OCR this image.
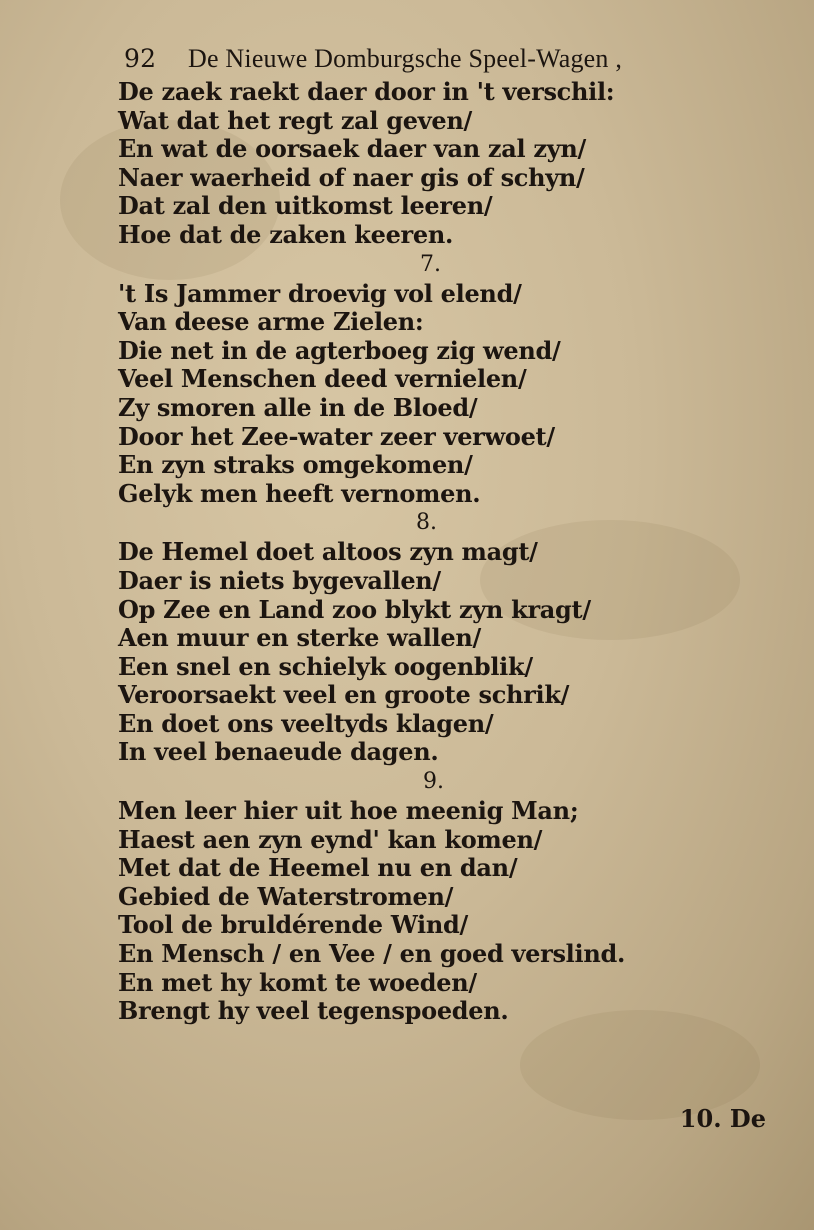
92 De Nieuwe Domburgsche Speel-Wagen ,
De zaek raekt daer door in 't verschil:
Wat dat het regt zal geven/
En wat de oorsaek daer van zal zyn/
Naer waerheid of naer gis of schyn/
Dat zal den uitkomst leeren/
Hoe dat de zaken keeren.
7.
't Is Jammer droevig vol elend/
Van deese arme Zielen:
Die net in de agterboeg zig wend/
Veel Menschen deed vernielen/
Zy smoren alle in de Bloed/
Door het Zee-water zeer verwoet/
En zyn straks omgekomen/
Gelyk men heeft vernomen.
8.
De Hemel doet altoos zyn magt/
Daer is niets bygevallen/
Op Zee en Land zoo blykt zyn kragt/
Aen muur en sterke wallen/
Een snel en schielyk oogenblik/
Veroorsaekt veel en groote schrik/
En doet ons veeltyds klagen/
In veel benaeude dagen.
9.
Men leer hier uit hoe meenig Man;
Haest aen zyn eynd' kan komen/
Met dat de Heemel nu en dan/
Gebied de Waterstromen/
Tool de bruldérende Wind/
En Mensch / en Vee / en goed verslind.
En met hy komt te woeden/
Brengt hy veel tegenspoeden.
10. De
